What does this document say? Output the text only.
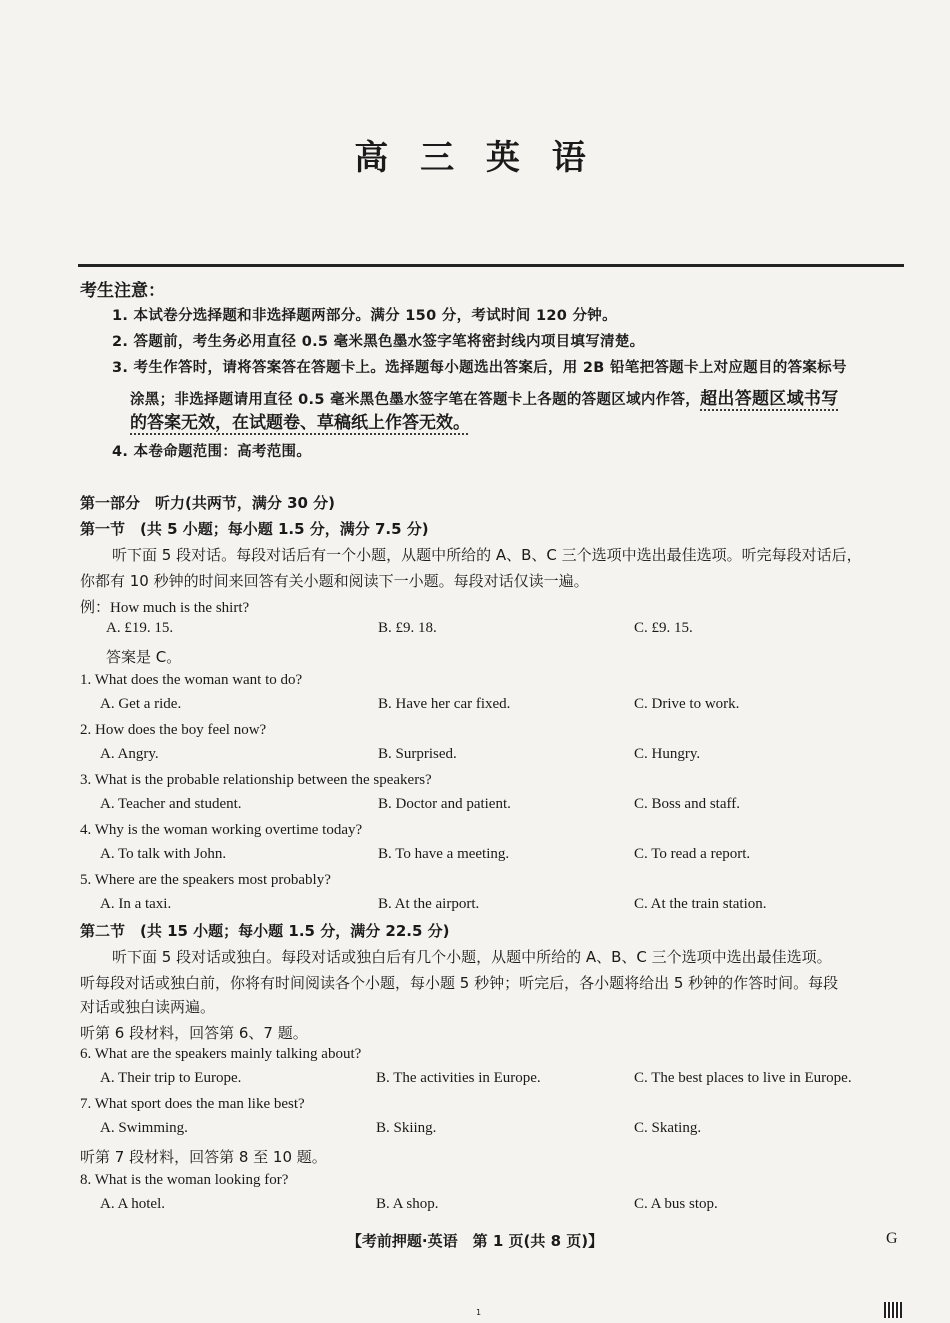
高 三 英 语
考生注意：
1. 本试卷分选择题和非选择题两部分。满分 150 分，考试时间 120 分钟。
2. 答题前，考生务必用直径 0.5 毫米黑色墨水签字笔将密封线内项目填写清楚。
3. 考生作答时，请将答案答在答题卡上。选择题每小题选出答案后，用 2B 铅笔把答题卡上对应题目的答案标号
涂黑；非选择题请用直径 0.5 毫米黑色墨水签字笔在答题卡上各题的答题区域内作答，超出答题区域书写
的答案无效，在试题卷、草稿纸上作答无效。
4. 本卷命题范围：高考范围。
第一部分　听力(共两节，满分 30 分)
第一节　(共 5 小题；每小题 1.5 分，满分 7.5 分)
听下面 5 段对话。每段对话后有一个小题，从题中所给的 A、B、C 三个选项中选出最佳选项。听完每段对话后，
你都有 10 秒钟的时间来回答有关小题和阅读下一小题。每段对话仅读一遍。
例：How much is the shirt?
A. £19. 15.	B. £9. 18.	C. £9. 15.
答案是 C。
1. What does the woman want to do?
A. Get a ride.	B. Have her car fixed.	C. Drive to work.
2. How does the boy feel now?
A. Angry.	B. Surprised.	C. Hungry.
3. What is the probable relationship between the speakers?
A. Teacher and student.	B. Doctor and patient.	C. Boss and staff.
4. Why is the woman working overtime today?
A. To talk with John.	B. To have a meeting.	C. To read a report.
5. Where are the speakers most probably?
A. In a taxi.	B. At the airport.	C. At the train station.
第二节　(共 15 小题；每小题 1.5 分，满分 22.5 分)
听下面 5 段对话或独白。每段对话或独白后有几个小题，从题中所给的 A、B、C 三个选项中选出最佳选项。
听每段对话或独白前，你将有时间阅读各个小题，每小题 5 秒钟；听完后，各小题将给出 5 秒钟的作答时间。每段
对话或独白读两遍。
听第 6 段材料，回答第 6、7 题。
6. What are the speakers mainly talking about?
A. Their trip to Europe.	B. The activities in Europe.	C. The best places to live in Europe.
7. What sport does the man like best?
A. Swimming.	B. Skiing.	C. Skating.
听第 7 段材料，回答第 8 至 10 题。
8. What is the woman looking for?
A. A hotel.	B. A shop.	C. A bus stop.
【考前押题·英语　第 1 页(共 8 页)】	G
1
